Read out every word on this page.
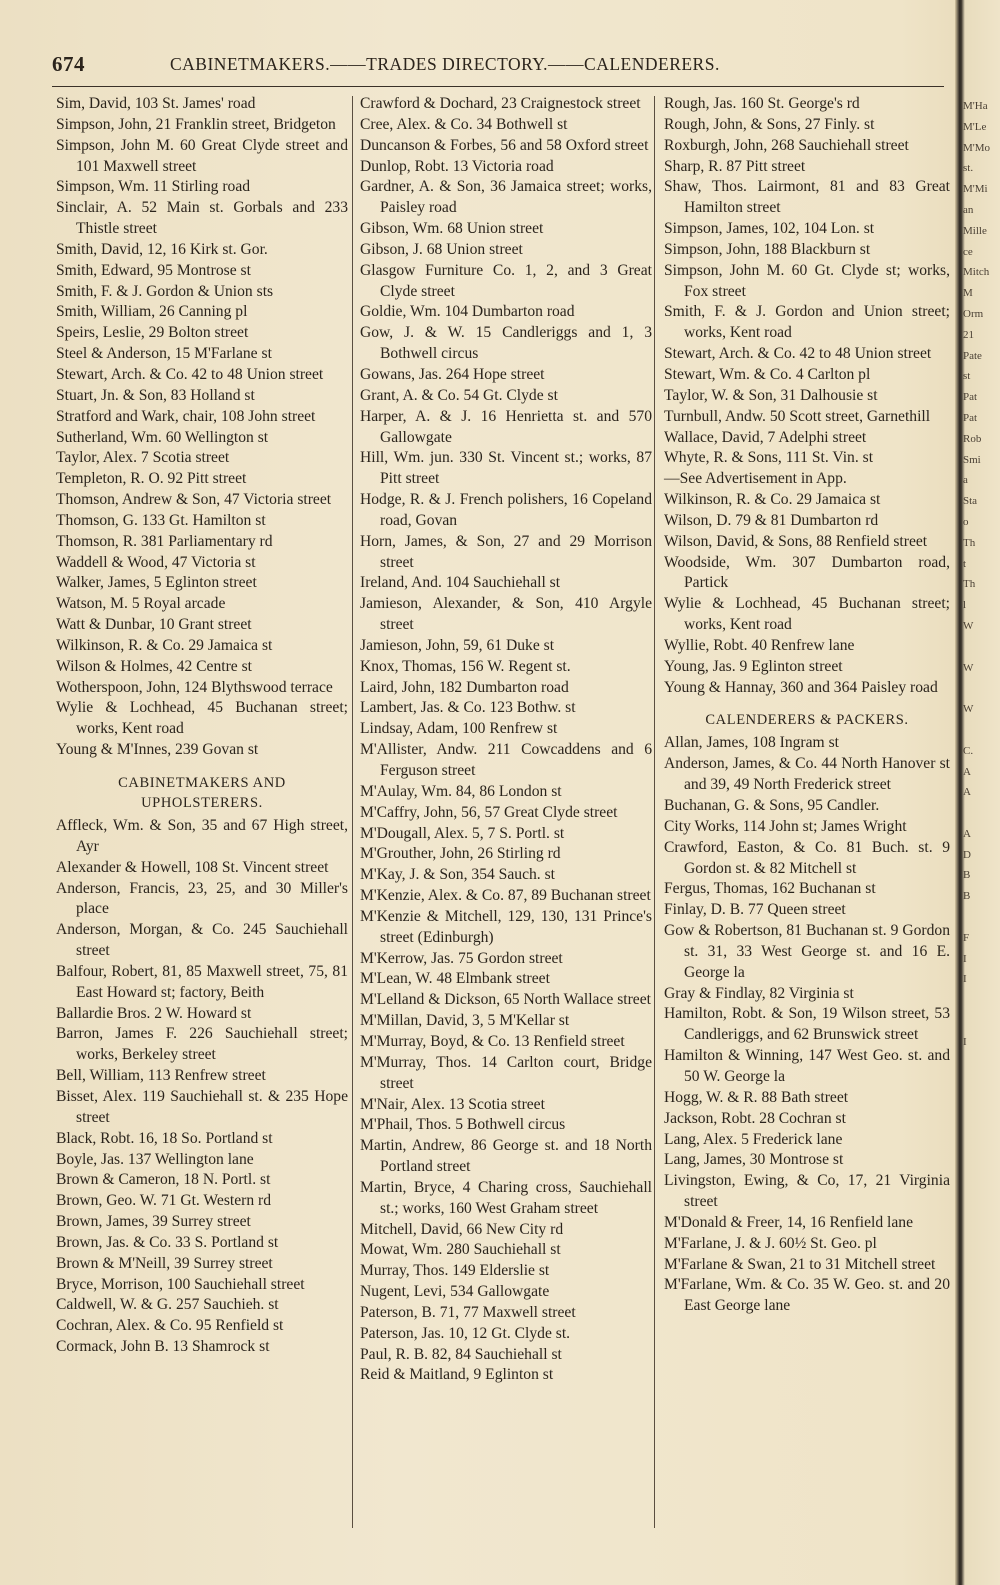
674	CABINETMAKERS.——TRADES DIRECTORY.——CALENDERERS.
Sim, David, 103 St. James' road
Simpson, John, 21 Franklin street, Bridgeton
Simpson, John M. 60 Great Clyde street and 101 Maxwell street
Simpson, Wm. 11 Stirling road
Sinclair, A. 52 Main st. Gorbals and 233 Thistle street
Smith, David, 12, 16 Kirk st. Gor.
Smith, Edward, 95 Montrose st
Smith, F. & J. Gordon & Union sts
Smith, William, 26 Canning pl
Speirs, Leslie, 29 Bolton street
Steel & Anderson, 15 M'Farlane st
Stewart, Arch. & Co. 42 to 48 Union street
Stuart, Jn. & Son, 83 Holland st
Stratford and Wark, chair, 108 John street
Sutherland, Wm. 60 Wellington st
Taylor, Alex. 7 Scotia street
Templeton, R. O. 92 Pitt street
Thomson, Andrew & Son, 47 Victoria street
Thomson, G. 133 Gt. Hamilton st
Thomson, R. 381 Parliamentary rd
Waddell & Wood, 47 Victoria st
Walker, James, 5 Eglinton street
Watson, M. 5 Royal arcade
Watt & Dunbar, 10 Grant street
Wilkinson, R. & Co. 29 Jamaica st
Wilson & Holmes, 42 Centre st
Wotherspoon, John, 124 Blythswood terrace
Wylie & Lochhead, 45 Buchanan street; works, Kent road
Young & M'Innes, 239 Govan st
CABINETMAKERS AND UPHOLSTERERS.
Affleck, Wm. & Son, 35 and 67 High street, Ayr
Alexander & Howell, 108 St. Vincent street
Anderson, Francis, 23, 25, and 30 Miller's place
Anderson, Morgan, & Co. 245 Sauchiehall street
Balfour, Robert, 81, 85 Maxwell street, 75, 81 East Howard st; factory, Beith
Ballardie Bros. 2 W. Howard st
Barron, James F. 226 Sauchiehall street; works, Berkeley street
Bell, William, 113 Renfrew street
Bisset, Alex. 119 Sauchiehall st. & 235 Hope street
Black, Robt. 16, 18 So. Portland st
Boyle, Jas. 137 Wellington lane
Brown & Cameron, 18 N. Portl. st
Brown, Geo. W. 71 Gt. Western rd
Brown, James, 39 Surrey street
Brown, Jas. & Co. 33 S. Portland st
Brown & M'Neill, 39 Surrey street
Bryce, Morrison, 100 Sauchiehall street
Caldwell, W. & G. 257 Sauchieh. st
Cochran, Alex. & Co. 95 Renfield st
Cormack, John B. 13 Shamrock st
Crawford & Dochard, 23 Craignestock street
Cree, Alex. & Co. 34 Bothwell st
Duncanson & Forbes, 56 and 58 Oxford street
Dunlop, Robt. 13 Victoria road
Gardner, A. & Son, 36 Jamaica street; works, Paisley road
Gibson, Wm. 68 Union street
Gibson, J. 68 Union street
Glasgow Furniture Co. 1, 2, and 3 Great Clyde street
Goldie, Wm. 104 Dumbarton road
Gow, J. & W. 15 Candleriggs and 1, 3 Bothwell circus
Gowans, Jas. 264 Hope street
Grant, A. & Co. 54 Gt. Clyde st
Harper, A. & J. 16 Henrietta st. and 570 Gallowgate
Hill, Wm. jun. 330 St. Vincent st.; works, 87 Pitt street
Hodge, R. & J. French polishers, 16 Copeland road, Govan
Horn, James, & Son, 27 and 29 Morrison street
Ireland, And. 104 Sauchiehall st
Jamieson, Alexander, & Son, 410 Argyle street
Jamieson, John, 59, 61 Duke st
Knox, Thomas, 156 W. Regent st.
Laird, John, 182 Dumbarton road
Lambert, Jas. & Co. 123 Bothw. st
Lindsay, Adam, 100 Renfrew st
M'Allister, Andw. 211 Cowcaddens and 6 Ferguson street
M'Aulay, Wm. 84, 86 London st
M'Caffry, John, 56, 57 Great Clyde street
M'Dougall, Alex. 5, 7 S. Portl. st
M'Grouther, John, 26 Stirling rd
M'Kay, J. & Son, 354 Sauch. st
M'Kenzie, Alex. & Co. 87, 89 Buchanan street
M'Kenzie & Mitchell, 129, 130, 131 Prince's street (Edinburgh)
M'Kerrow, Jas. 75 Gordon street
M'Lean, W. 48 Elmbank street
M'Lelland & Dickson, 65 North Wallace street
M'Millan, David, 3, 5 M'Kellar st
M'Murray, Boyd, & Co. 13 Renfield street
M'Murray, Thos. 14 Carlton court, Bridge street
M'Nair, Alex. 13 Scotia street
M'Phail, Thos. 5 Bothwell circus
Martin, Andrew, 86 George st. and 18 North Portland street
Martin, Bryce, 4 Charing cross, Sauchiehall st.; works, 160 West Graham street
Mitchell, David, 66 New City rd
Mowat, Wm. 280 Sauchiehall st
Murray, Thos. 149 Elderslie st
Nugent, Levi, 534 Gallowgate
Paterson, B. 71, 77 Maxwell street
Paterson, Jas. 10, 12 Gt. Clyde st.
Paul, R. B. 82, 84 Sauchiehall st
Reid & Maitland, 9 Eglinton st
Rough, Jas. 160 St. George's rd
Rough, John, & Sons, 27 Finly. st
Roxburgh, John, 268 Sauchiehall street
Sharp, R. 87 Pitt street
Shaw, Thos. Lairmont, 81 and 83 Great Hamilton street
Simpson, James, 102, 104 Lon. st
Simpson, John, 188 Blackburn st
Simpson, John M. 60 Gt. Clyde st; works, Fox street
Smith, F. & J. Gordon and Union street; works, Kent road
Stewart, Arch. & Co. 42 to 48 Union street
Stewart, Wm. & Co. 4 Carlton pl
Taylor, W. & Son, 31 Dalhousie st
Turnbull, Andw. 50 Scott street, Garnethill
Wallace, David, 7 Adelphi street
Whyte, R. & Sons, 111 St. Vin. st
—See Advertisement in App.
Wilkinson, R. & Co. 29 Jamaica st
Wilson, D. 79 & 81 Dumbarton rd
Wilson, David, & Sons, 88 Renfield street
Woodside, Wm. 307 Dumbarton road, Partick
Wylie & Lochhead, 45 Buchanan street; works, Kent road
Wyllie, Robt. 40 Renfrew lane
Young, Jas. 9 Eglinton street
Young & Hannay, 360 and 364 Paisley road
CALENDERERS & PACKERS.
Allan, James, 108 Ingram st
Anderson, James, & Co. 44 North Hanover st and 39, 49 North Frederick street
Buchanan, G. & Sons, 95 Candler.
City Works, 114 John st; James Wright
Crawford, Easton, & Co. 81 Buch. st. 9 Gordon st. & 82 Mitchell st
Fergus, Thomas, 162 Buchanan st
Finlay, D. B. 77 Queen street
Gow & Robertson, 81 Buchanan st. 9 Gordon st. 31, 33 West George st. and 16 E. George la
Gray & Findlay, 82 Virginia st
Hamilton, Robt. & Son, 19 Wilson street, 53 Candleriggs, and 62 Brunswick street
Hamilton & Winning, 147 West Geo. st. and 50 W. George la
Hogg, W. & R. 88 Bath street
Jackson, Robt. 28 Cochran st
Lang, Alex. 5 Frederick lane
Lang, James, 30 Montrose st
Livingston, Ewing, & Co, 17, 21 Virginia street
M'Donald & Freer, 14, 16 Renfield lane
M'Farlane, J. & J. 60½ St. Geo. pl
M'Farlane & Swan, 21 to 31 Mitchell street
M'Farlane, Wm. & Co. 35 W. Geo. st. and 20 East George lane
M'Ha
M'Le
M'Mo
st.
M'Mi
an
Mille
ce
Mitch
M
Orm
21
Pate
st
Pat
Pat
Rob
Smi
a
Sta
o
Th
t
Th
l
W
W
W
C.
A
A
A
D
B
B
F
I
I
I
